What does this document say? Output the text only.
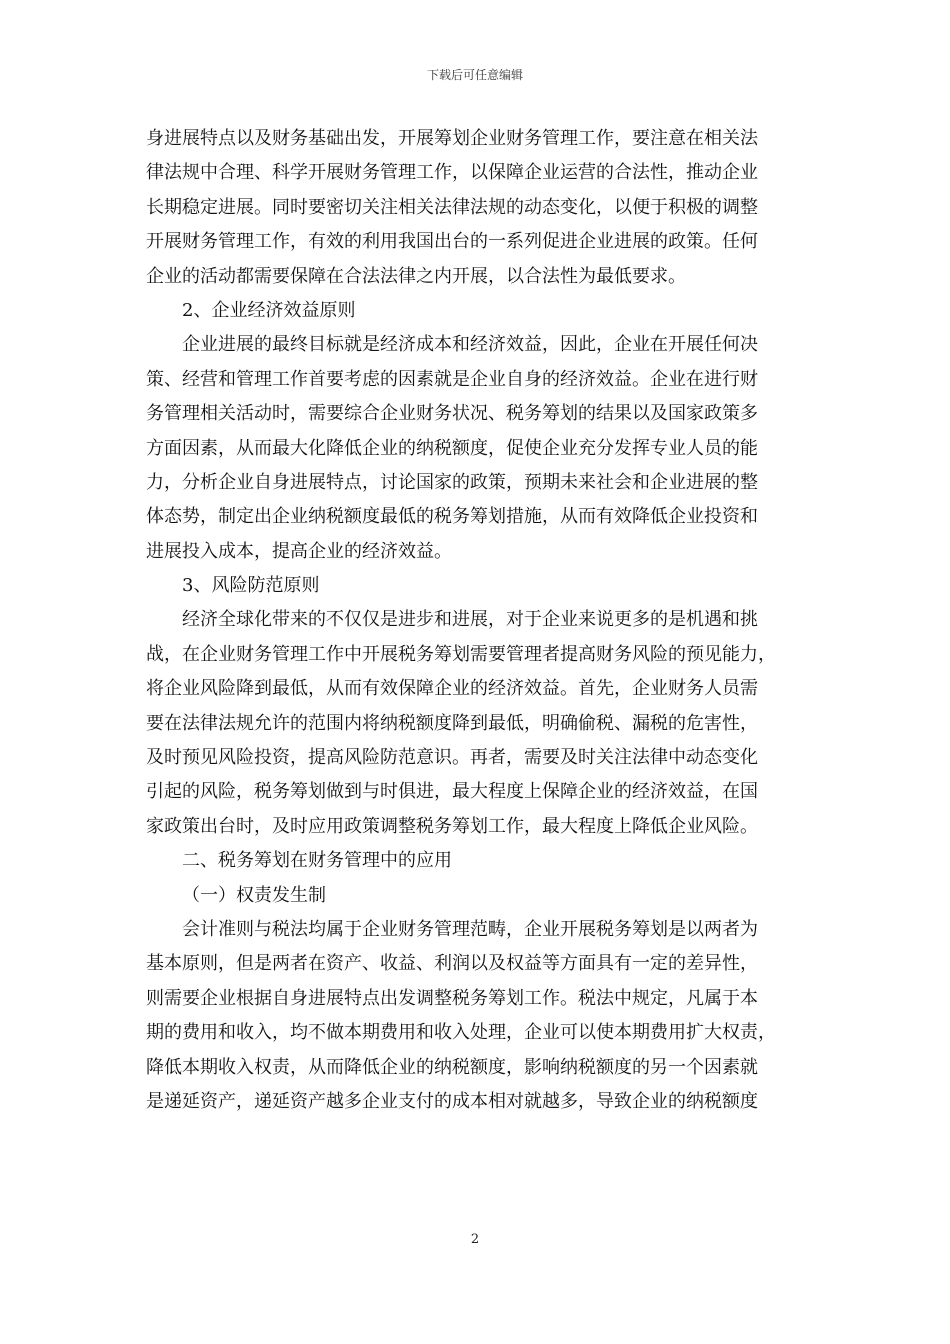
下载后可任意编辑
身进展特点以及财务基础出发，开展筹划企业财务管理工作，要注意在相关法
律法规中合理、科学开展财务管理工作，以保障企业运营的合法性，推动企业
长期稳定进展。同时要密切关注相关法律法规的动态变化，以便于积极的调整
开展财务管理工作，有效的利用我国出台的一系列促进企业进展的政策。任何
企业的活动都需要保障在合法法律之内开展，以合法性为最低要求。
2、企业经济效益原则
企业进展的最终目标就是经济成本和经济效益，因此，企业在开展任何决
策、经营和管理工作首要考虑的因素就是企业自身的经济效益。企业在进行财
务管理相关活动时，需要综合企业财务状况、税务筹划的结果以及国家政策多
方面因素，从而最大化降低企业的纳税额度，促使企业充分发挥专业人员的能
力，分析企业自身进展特点，讨论国家的政策，预期未来社会和企业进展的整
体态势，制定出企业纳税额度最低的税务筹划措施，从而有效降低企业投资和
进展投入成本，提高企业的经济效益。
3、风险防范原则
经济全球化带来的不仅仅是进步和进展，对于企业来说更多的是机遇和挑
战，在企业财务管理工作中开展税务筹划需要管理者提高财务风险的预见能力，
将企业风险降到最低，从而有效保障企业的经济效益。首先，企业财务人员需
要在法律法规允许的范围内将纳税额度降到最低，明确偷税、漏税的危害性，
及时预见风险投资，提高风险防范意识。再者，需要及时关注法律中动态变化
引起的风险，税务筹划做到与时俱进，最大程度上保障企业的经济效益，在国
家政策出台时，及时应用政策调整税务筹划工作，最大程度上降低企业风险。
二、税务筹划在财务管理中的应用
（一）权责发生制
会计准则与税法均属于企业财务管理范畴，企业开展税务筹划是以两者为
基本原则，但是两者在资产、收益、利润以及权益等方面具有一定的差异性，
则需要企业根据自身进展特点出发调整税务筹划工作。税法中规定，凡属于本
期的费用和收入，均不做本期费用和收入处理，企业可以使本期费用扩大权责，
降低本期收入权责，从而降低企业的纳税额度，影响纳税额度的另一个因素就
是递延资产，递延资产越多企业支付的成本相对就越多，导致企业的纳税额度
2
